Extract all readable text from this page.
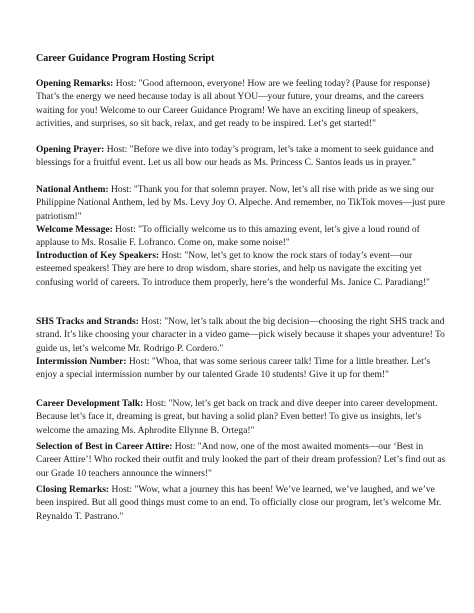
Career Guidance Program Hosting Script

Opening Remarks: Host: "Good afternoon, everyone! How are we feeling today? (Pause for response) That’s the energy we need because today is all about YOU—your future, your dreams, and the careers waiting for you! Welcome to our Career Guidance Program! We have an exciting lineup of speakers, activities, and surprises, so sit back, relax, and get ready to be inspired. Let’s get started!"

Opening Prayer: Host: "Before we dive into today’s program, let’s take a moment to seek guidance and blessings for a fruitful event. Let us all bow our heads as Ms. Princess C. Santos leads us in prayer."

National Anthem: Host: "Thank you for that solemn prayer. Now, let’s all rise with pride as we sing our Philippine National Anthem, led by Ms. Levy Joy O. Alpeche. And remember, no TikTok moves—just pure patriotism!"

Welcome Message: Host: "To officially welcome us to this amazing event, let’s give a loud round of applause to Ms. Rosalie F. Lofranco. Come on, make some noise!"

Introduction of Key Speakers: Host: "Now, let’s get to know the rock stars of today’s event—our esteemed speakers! They are here to drop wisdom, share stories, and help us navigate the exciting yet confusing world of careers. To introduce them properly, here’s the wonderful Ms. Janice C. Paradiang!"

SHS Tracks and Strands: Host: "Now, let’s talk about the big decision—choosing the right SHS track and strand. It’s like choosing your character in a video game—pick wisely because it shapes your adventure! To guide us, let’s welcome Mr. Rodrigo P. Cordero."

Intermission Number: Host: "Whoa, that was some serious career talk! Time for a little breather. Let’s enjoy a special intermission number by our talented Grade 10 students! Give it up for them!"

Career Development Talk: Host: "Now, let’s get back on track and dive deeper into career development. Because let’s face it, dreaming is great, but having a solid plan? Even better! To give us insights, let’s welcome the amazing Ms. Aphrodite Ellynne B. Ortega!"

Selection of Best in Career Attire: Host: "And now, one of the most awaited moments—our ‘Best in Career Attire’! Who rocked their outfit and truly looked the part of their dream profession? Let’s find out as our Grade 10 teachers announce the winners!"

Closing Remarks: Host: "Wow, what a journey this has been! We’ve learned, we’ve laughed, and we’ve been inspired. But all good things must come to an end. To officially close our program, let’s welcome Mr. Reynaldo T. Pastrano."
